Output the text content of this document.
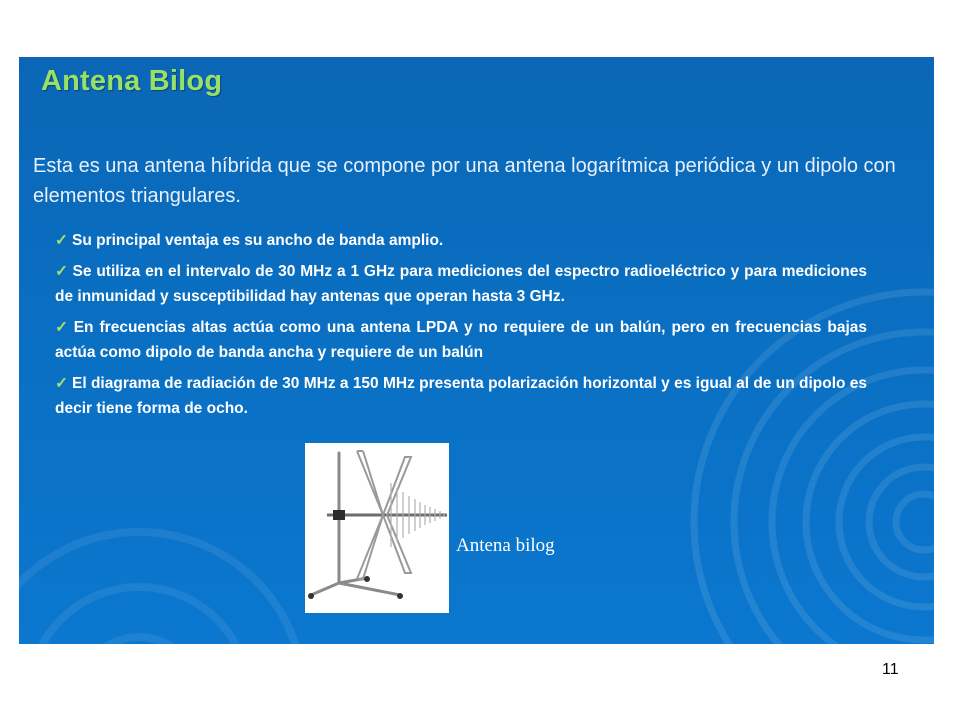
Antena Bilog

Esta es una antena híbrida que se compone por una antena logarítmica periódica y un dipolo con elementos triangulares.

✓ Su principal ventaja es su ancho de banda amplio.
✓ Se utiliza en el intervalo de 30 MHz a 1 GHz para mediciones del espectro radioeléctrico y para mediciones de inmunidad y susceptibilidad hay antenas que operan hasta 3 GHz.
✓ En frecuencias altas actúa como una antena LPDA y no requiere de un balún, pero en frecuencias bajas actúa como dipolo de banda ancha y requiere de un balún
✓ El diagrama de radiación de 30 MHz a 150 MHz presenta polarización horizontal y es igual al de un dipolo es decir tiene forma de ocho.

Antena bilog

11
